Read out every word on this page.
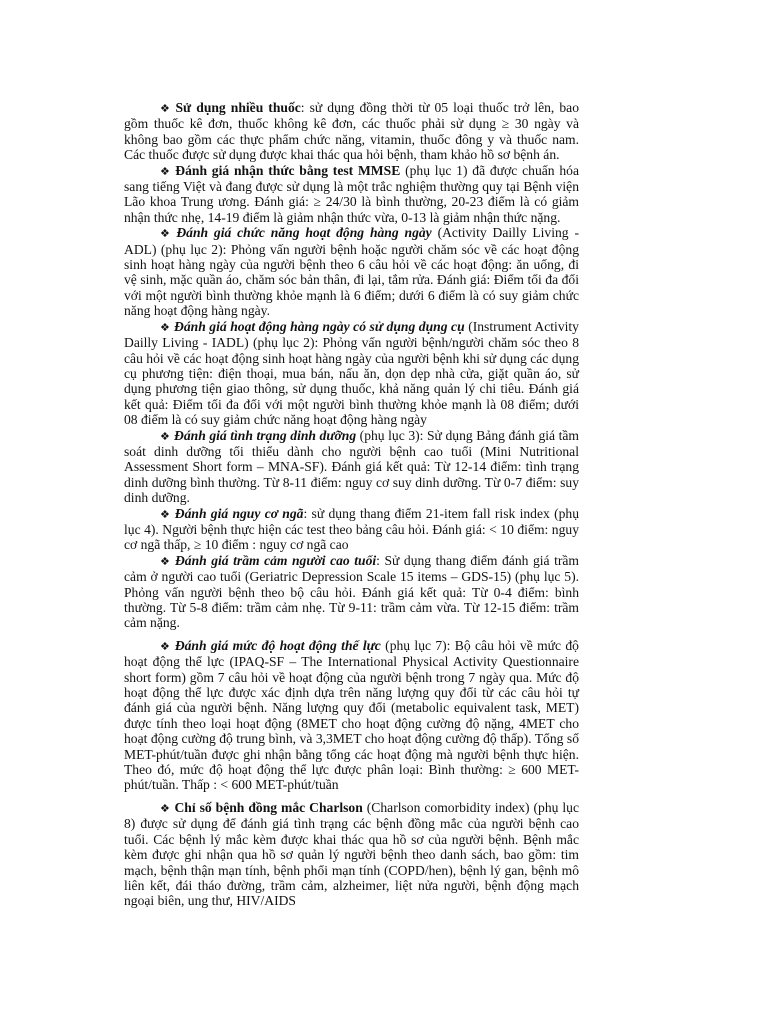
❖ Sử dụng nhiều thuốc: sử dụng đồng thời từ 05 loại thuốc trở lên, bao gồm thuốc kê đơn, thuốc không kê đơn, các thuốc phải sử dụng ≥ 30 ngày và không bao gồm các thực phẩm chức năng, vitamin, thuốc đông y và thuốc nam. Các thuốc được sử dụng được khai thác qua hỏi bệnh, tham khảo hồ sơ bệnh án.

❖ Đánh giá nhận thức bằng test MMSE (phụ lục 1) đã được chuẩn hóa sang tiếng Việt và đang được sử dụng là một trắc nghiệm thường quy tại Bệnh viện Lão khoa Trung ương. Đánh giá: ≥ 24/30 là bình thường, 20-23 điểm là có giảm nhận thức nhẹ, 14-19 điểm là giảm nhận thức vừa, 0-13 là giảm nhận thức nặng.

❖ Đánh giá chức năng hoạt động hàng ngày (Activity Dailly Living - ADL) (phụ lục 2): Phỏng vấn người bệnh hoặc người chăm sóc về các hoạt động sinh hoạt hàng ngày của người bệnh theo 6 câu hỏi về các hoạt động: ăn uống, đi vệ sinh, mặc quần áo, chăm sóc bản thân, đi lại, tắm rửa. Đánh giá: Điểm tối đa đối với một người bình thường khỏe mạnh là 6 điểm; dưới 6 điểm là có suy giảm chức năng hoạt động hàng ngày.

❖ Đánh giá hoạt động hàng ngày có sử dụng dụng cụ (Instrument Activity Dailly Living - IADL) (phụ lục 2): Phỏng vấn người bệnh/người chăm sóc theo 8 câu hỏi về các hoạt động sinh hoạt hàng ngày của người bệnh khi sử dụng các dụng cụ phương tiện: điện thoại, mua bán, nấu ăn, dọn dẹp nhà cửa, giặt quần áo, sử dụng phương tiện giao thông, sử dụng thuốc, khả năng quản lý chi tiêu. Đánh giá kết quả: Điểm tối đa đối với một người bình thường khỏe mạnh là 08 điểm; dưới 08 điểm là có suy giảm chức năng hoạt động hàng ngày

❖ Đánh giá tình trạng dinh dưỡng (phụ lục 3): Sử dụng Bảng đánh giá tầm soát dinh dưỡng tối thiểu dành cho người bệnh cao tuổi (Mini Nutritional Assessment Short form – MNA-SF). Đánh giá kết quả: Từ 12-14 điểm: tình trạng dinh dưỡng bình thường. Từ 8-11 điểm: nguy cơ suy dinh dưỡng. Từ 0-7 điểm: suy dinh dưỡng.

❖ Đánh giá nguy cơ ngã: sử dụng thang điểm 21-item fall risk index (phụ lục 4). Người bệnh thực hiện các test theo bảng câu hỏi. Đánh giá: < 10 điểm: nguy cơ ngã thấp, ≥ 10 điểm : nguy cơ ngã cao

❖ Đánh giá trầm cảm người cao tuổi: Sử dụng thang điểm đánh giá trầm cảm ở người cao tuổi (Geriatric Depression Scale 15 items – GDS-15) (phụ lục 5). Phỏng vấn người bệnh theo bộ câu hỏi. Đánh giá kết quả: Từ 0-4 điểm: bình thường. Từ 5-8 điểm: trầm cảm nhẹ. Từ 9-11: trầm cảm vừa. Từ 12-15 điểm: trầm cảm nặng.

❖ Đánh giá mức độ hoạt động thể lực (phụ lục 7): Bộ câu hỏi về mức độ hoạt động thể lực (IPAQ-SF – The International Physical Activity Questionnaire short form) gồm 7 câu hỏi về hoạt động của người bệnh trong 7 ngày qua. Mức độ hoạt động thể lực được xác định dựa trên năng lượng quy đổi từ các câu hỏi tự đánh giá của người bệnh. Năng lượng quy đổi (metabolic equivalent task, MET) được tính theo loại hoạt động (8MET cho hoạt động cường độ nặng, 4MET cho hoạt động cường độ trung bình, và 3,3MET cho hoạt động cường độ thấp). Tổng số MET-phút/tuần được ghi nhận bằng tổng các hoạt động mà người bệnh thực hiện. Theo đó, mức độ hoạt động thể lực được phân loại: Bình thường: ≥ 600 MET-phút/tuần. Thấp : < 600 MET-phút/tuần

❖ Chỉ số bệnh đồng mắc Charlson (Charlson comorbidity index) (phụ lục 8) được sử dụng để đánh giá tình trạng các bệnh đồng mắc của người bệnh cao tuổi. Các bệnh lý mắc kèm được khai thác qua hồ sơ của người bệnh. Bệnh mắc kèm được ghi nhận qua hồ sơ quản lý người bệnh theo danh sách, bao gồm: tim mạch, bệnh thận mạn tính, bệnh phổi mạn tính (COPD/hen), bệnh lý gan, bệnh mô liên kết, đái tháo đường, trầm cảm, alzheimer, liệt nửa người, bệnh động mạch ngoại biên, ung thư, HIV/AIDS
